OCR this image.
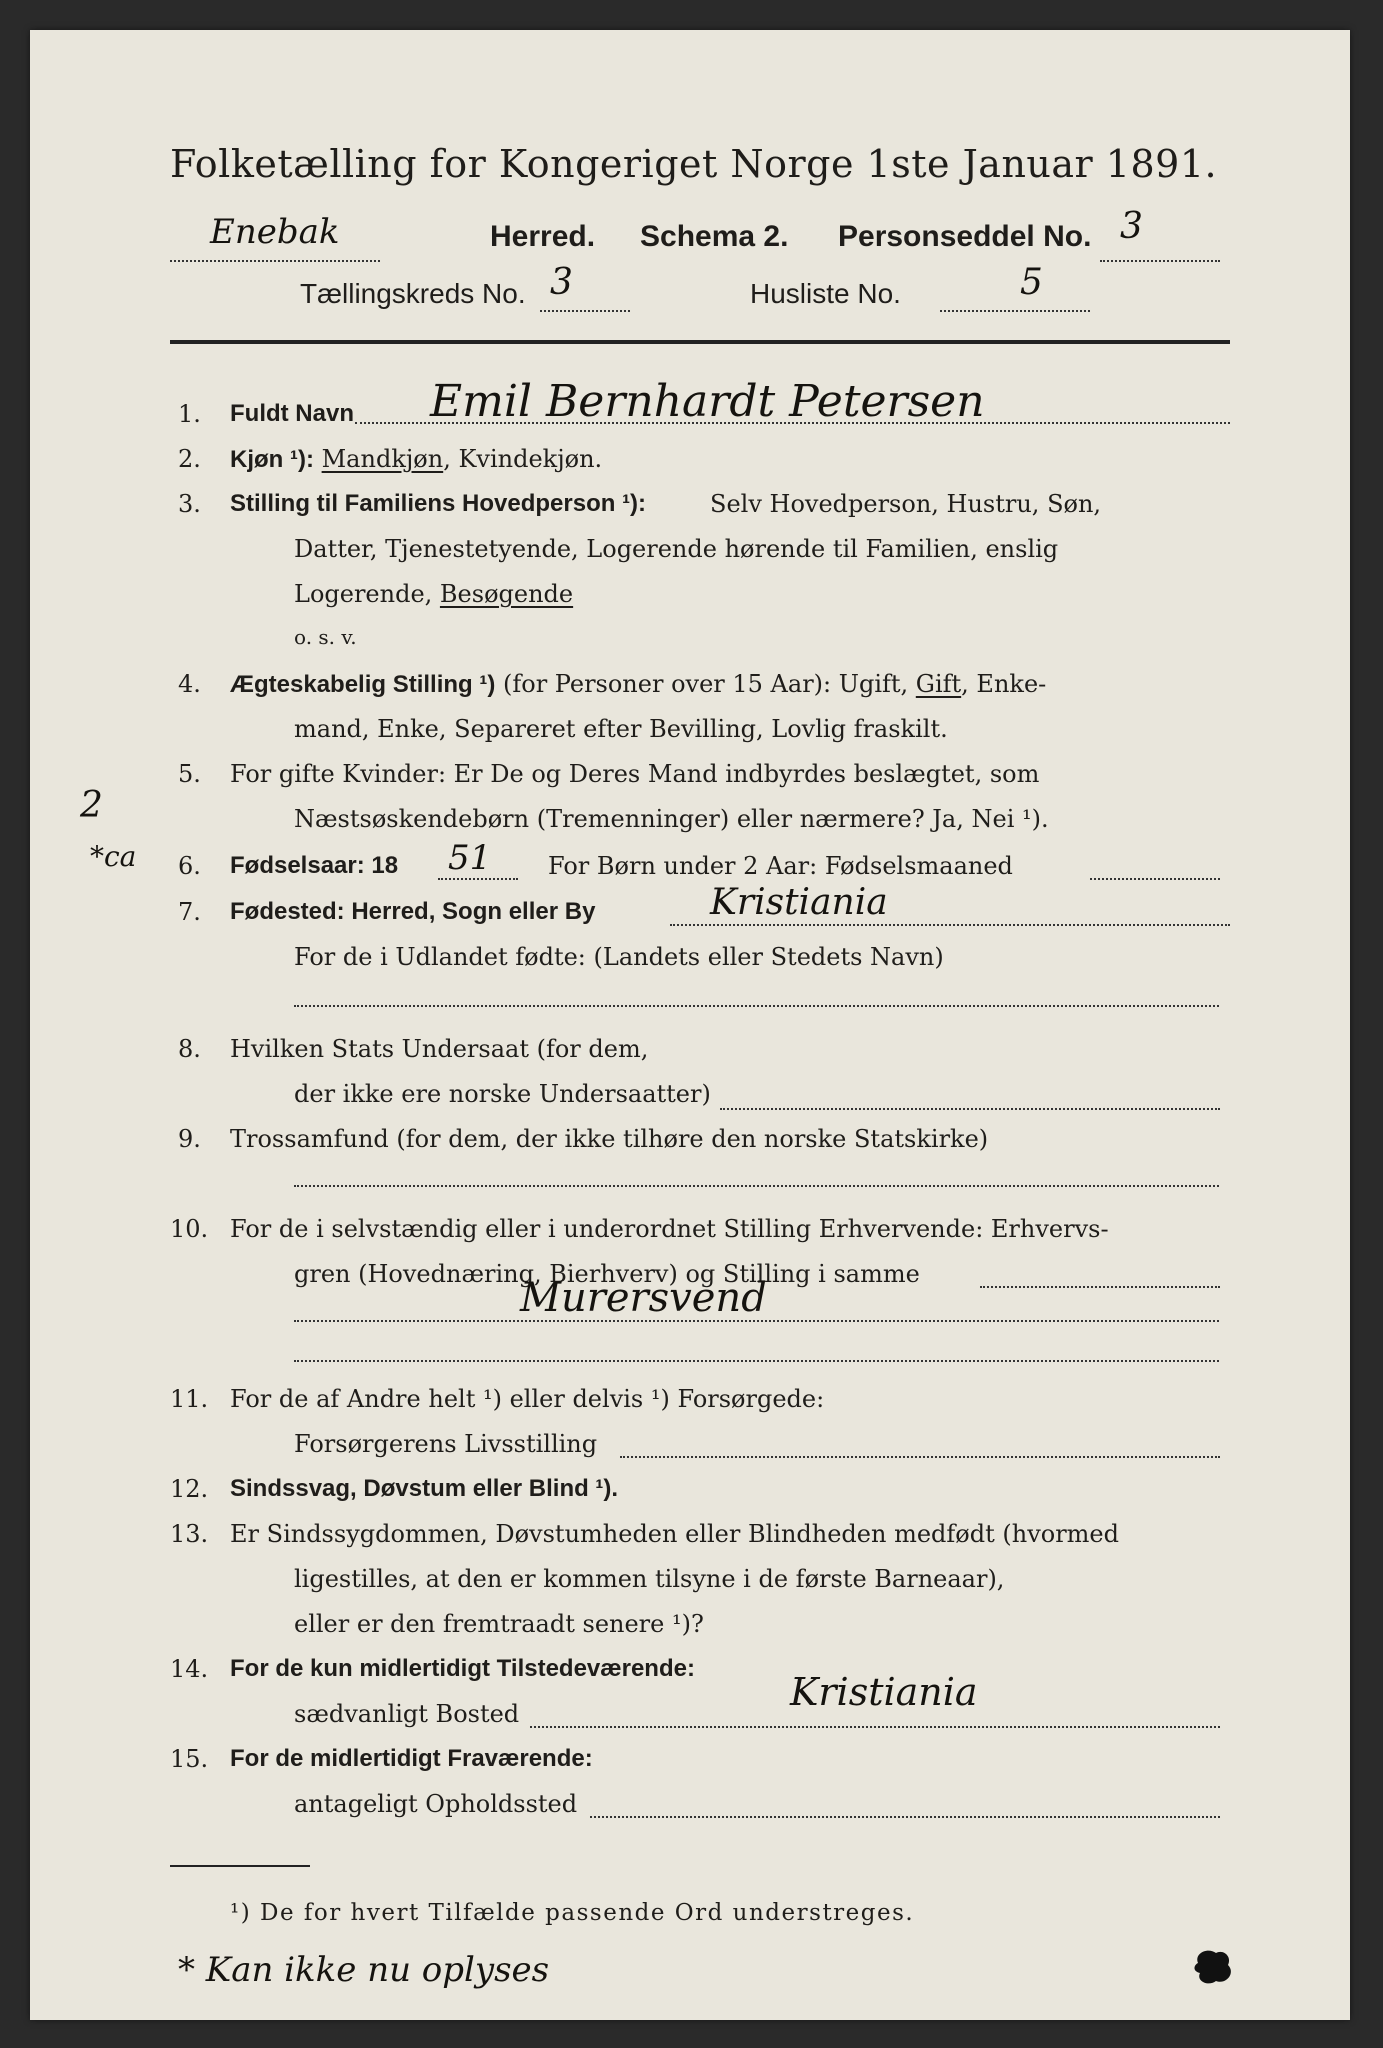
Folketælling for Kongeriget Norge 1ste Januar 1891.
Enebak	Herred. Schema 2. Personseddel No. 3
Tællingskreds No. 3	Husliste No.	5
1. Fuldt Navn Emil Bernhardt Petersen
2. Kjøn ¹): Mandkjøn, Kvindekjøn.
3. Stilling til Familiens Hovedperson ¹):	Selv Hovedperson, Hustru, Søn,
Datter, Tjenestetyende, Logerende hørende til Familien, enslig
Logerende, Besøgende
o. s. v.
4. Ægteskabelig Stilling ¹) (for Personer over 15 Aar): Ugift, Gift, Enke-
mand, Enke, Separeret efter Bevilling, Lovlig fraskilt.
5. For gifte Kvinder: Er De og Deres Mand indbyrdes beslægtet, som
Næstsøskendebørn (Tremenninger) eller nærmere? Ja, Nei ¹).
2
*ca 6. Fødselsaar: 18 51 For Børn under 2 Aar: Fødselsmaaned
7. Fødested: Herred, Sogn eller By	Kristiania
For de i Udlandet fødte: (Landets eller Stedets Navn)
8. Hvilken Stats Undersaat (for dem,
der ikke ere norske Undersaatter)
9. Trossamfund (for dem, der ikke tilhøre den norske Statskirke)
10. For de i selvstændig eller i underordnet Stilling Erhvervende: Erhvervs-
gren (Hovednæring, Bierhverv) og Stilling i samme
Murersvend
11. For de af Andre helt ¹) eller delvis ¹) Forsørgede:
Forsørgerens Livsstilling
12. Sindssvag, Døvstum eller Blind ¹).
13. Er Sindssygdommen, Døvstumheden eller Blindheden medfødt (hvormed
ligestilles, at den er kommen tilsyne i de første Barneaar),
eller er den fremtraadt senere ¹)?
14. For de kun midlertidigt Tilstedeværende:
sædvanligt Bosted	Kristiania
15. For de midlertidigt Fraværende:
antageligt Opholdssted
¹) De for hvert Tilfælde passende Ord understreges.
* Kan ikke nu oplyses
